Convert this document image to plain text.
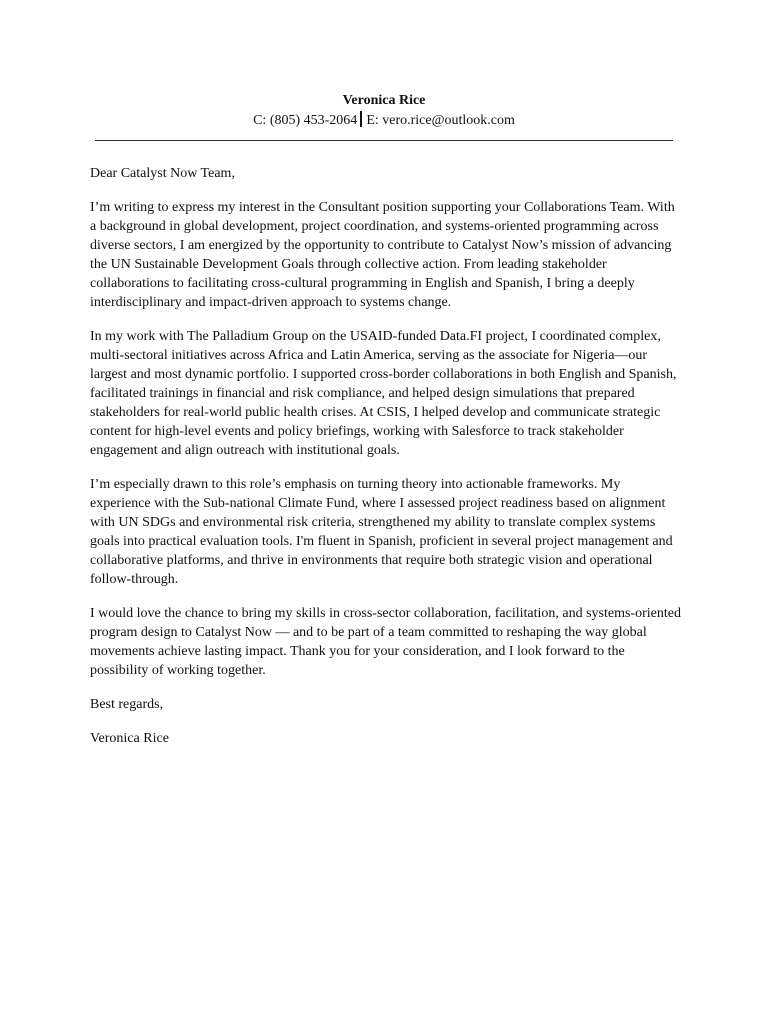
Veronica Rice
C: (805) 453-2064 E: vero.rice@outlook.com

Dear Catalyst Now Team,

I’m writing to express my interest in the Consultant position supporting your Collaborations Team. With a background in global development, project coordination, and systems-oriented programming across diverse sectors, I am energized by the opportunity to contribute to Catalyst Now’s mission of advancing the UN Sustainable Development Goals through collective action. From leading stakeholder collaborations to facilitating cross-cultural programming in English and Spanish, I bring a deeply interdisciplinary and impact-driven approach to systems change.

In my work with The Palladium Group on the USAID-funded Data.FI project, I coordinated complex, multi-sectoral initiatives across Africa and Latin America, serving as the associate for Nigeria—our largest and most dynamic portfolio. I supported cross-border collaborations in both English and Spanish, facilitated trainings in financial and risk compliance, and helped design simulations that prepared stakeholders for real-world public health crises. At CSIS, I helped develop and communicate strategic content for high-level events and policy briefings, working with Salesforce to track stakeholder engagement and align outreach with institutional goals.

I’m especially drawn to this role’s emphasis on turning theory into actionable frameworks. My experience with the Sub-national Climate Fund, where I assessed project readiness based on alignment with UN SDGs and environmental risk criteria, strengthened my ability to translate complex systems goals into practical evaluation tools. I'm fluent in Spanish, proficient in several project management and collaborative platforms, and thrive in environments that require both strategic vision and operational follow-through.

I would love the chance to bring my skills in cross-sector collaboration, facilitation, and systems-oriented program design to Catalyst Now — and to be part of a team committed to reshaping the way global movements achieve lasting impact. Thank you for your consideration, and I look forward to the possibility of working together.

Best regards,

Veronica Rice
